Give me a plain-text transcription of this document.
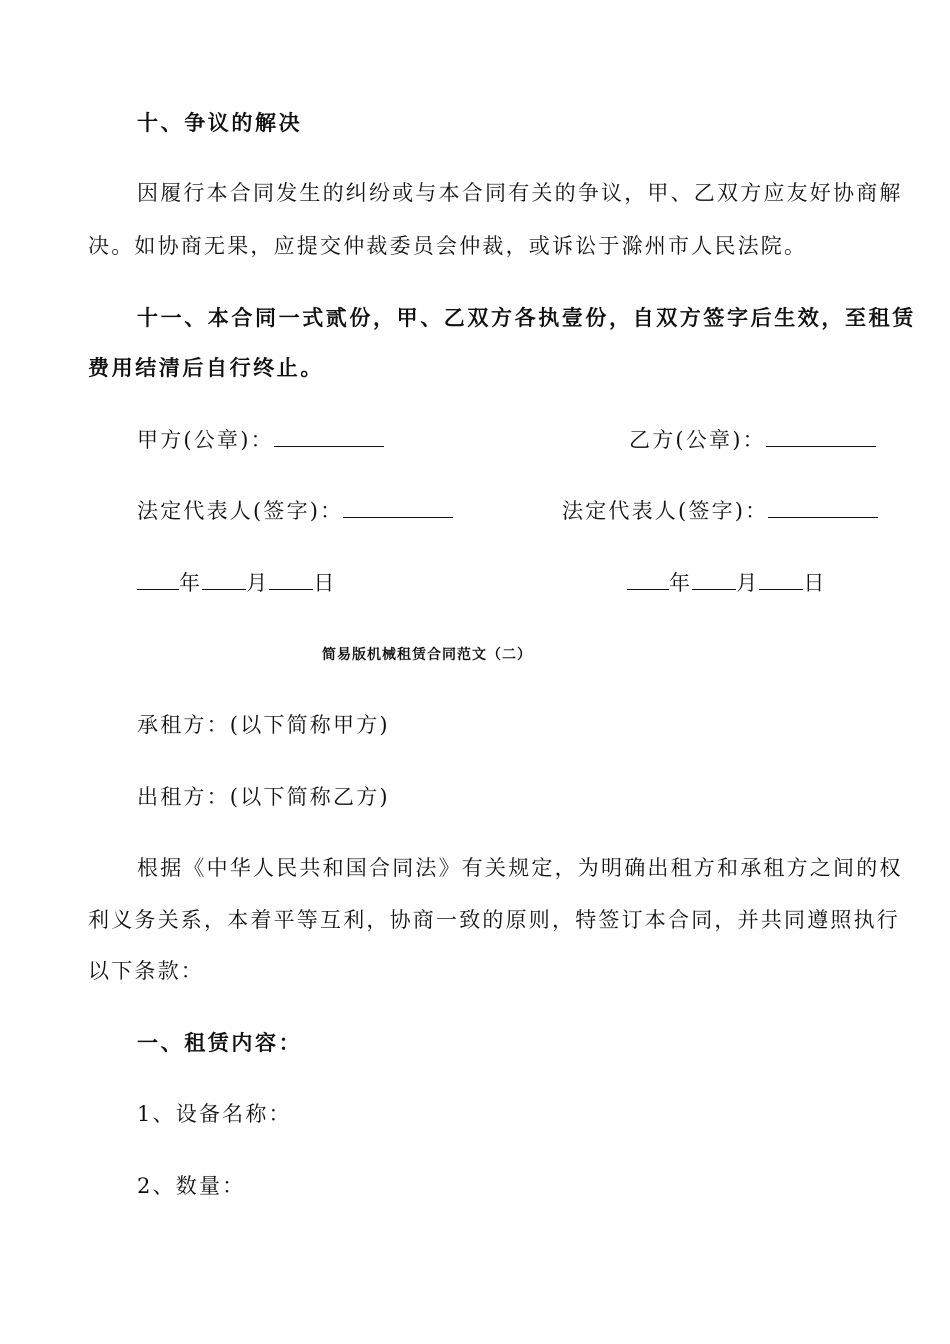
十、争议的解决
因履行本合同发生的纠纷或与本合同有关的争议，甲、乙双方应友好协商解
决。如协商无果，应提交仲裁委员会仲裁，或诉讼于滁州市人民法院。
十一、本合同一式贰份，甲、乙双方各执壹份，自双方签字后生效，至租赁
费用结清后自行终止。
甲方(公章)：	乙方(公章)：
法定代表人(签字)：	法定代表人(签字)：
年 月 日	年 月 日
简易版机械租赁合同范文（二）
承租方：(以下简称甲方)
出租方：(以下简称乙方)
根据《中华人民共和国合同法》有关规定，为明确出租方和承租方之间的权
利义务关系，本着平等互利，协商一致的原则，特签订本合同，并共同遵照执行
以下条款：
一、租赁内容：
1、设备名称：
2、数量：
